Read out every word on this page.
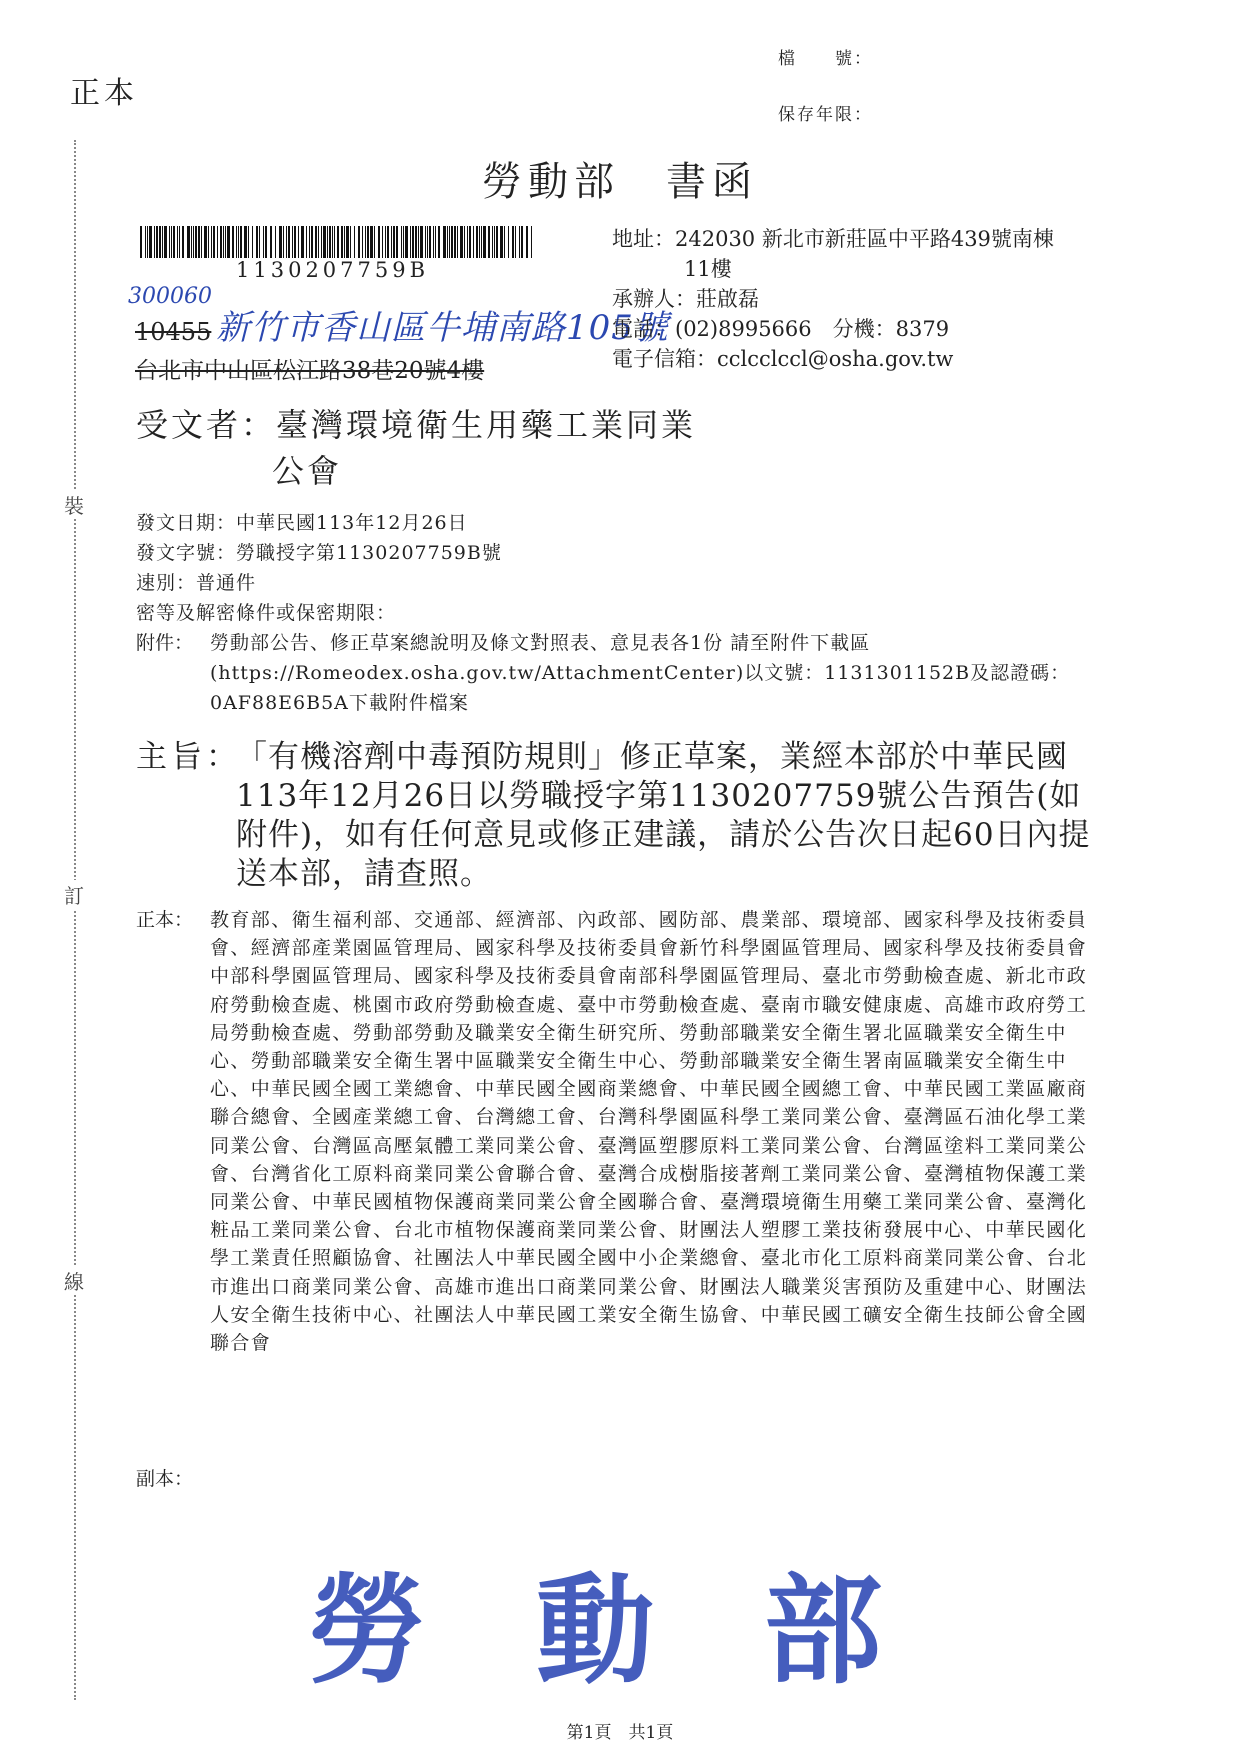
正本
檔　　號：
保存年限：
裝
訂
線
勞動部　書函
1130207759B
300060
10455 新竹市香山區牛埔南路105號
台北市中山區松江路38巷20號4樓
地址：242030 新北市新莊區中平路439號南棟
11樓
承辦人：莊啟磊
電話：(02)8995666　分機：8379
電子信箱：cclcclccl@osha.gov.tw
受文者：臺灣環境衛生用藥工業同業
公會
發文日期：中華民國113年12月26日
發文字號：勞職授字第1130207759B號
速別：普通件
密等及解密條件或保密期限：
附件： 勞動部公告、修正草案總說明及條文對照表、意見表各1份 請至附件下載區(https://Romeodex.osha.gov.tw/AttachmentCenter)以文號：1131301152B及認證碼：0AF88E6B5A下載附件檔案
主旨：
「有機溶劑中毒預防規則」修正草案，業經本部於中華民國113年12月26日以勞職授字第1130207759號公告預告(如附件)，如有任何意見或修正建議，請於公告次日起60日內提送本部，請查照。
正本： 教育部、衛生福利部、交通部、經濟部、內政部、國防部、農業部、環境部、國家科學及技術委員會、經濟部產業園區管理局、國家科學及技術委員會新竹科學園區管理局、國家科學及技術委員會中部科學園區管理局、國家科學及技術委員會南部科學園區管理局、臺北市勞動檢查處、新北市政府勞動檢查處、桃園市政府勞動檢查處、臺中市勞動檢查處、臺南市職安健康處、高雄市政府勞工局勞動檢查處、勞動部勞動及職業安全衛生研究所、勞動部職業安全衛生署北區職業安全衛生中心、勞動部職業安全衛生署中區職業安全衛生中心、勞動部職業安全衛生署南區職業安全衛生中心、中華民國全國工業總會、中華民國全國商業總會、中華民國全國總工會、中華民國工業區廠商聯合總會、全國產業總工會、台灣總工會、台灣科學園區科學工業同業公會、臺灣區石油化學工業同業公會、台灣區高壓氣體工業同業公會、臺灣區塑膠原料工業同業公會、台灣區塗料工業同業公會、台灣省化工原料商業同業公會聯合會、臺灣合成樹脂接著劑工業同業公會、臺灣植物保護工業同業公會、中華民國植物保護商業同業公會全國聯合會、臺灣環境衛生用藥工業同業公會、臺灣化粧品工業同業公會、台北市植物保護商業同業公會、財團法人塑膠工業技術發展中心、中華民國化學工業責任照顧協會、社團法人中華民國全國中小企業總會、臺北市化工原料商業同業公會、台北市進出口商業同業公會、高雄市進出口商業同業公會、財團法人職業災害預防及重建中心、財團法人安全衛生技術中心、社團法人中華民國工業安全衛生協會、中華民國工礦安全衛生技師公會全國聯合會
副本：
勞動部
第1頁　共1頁
